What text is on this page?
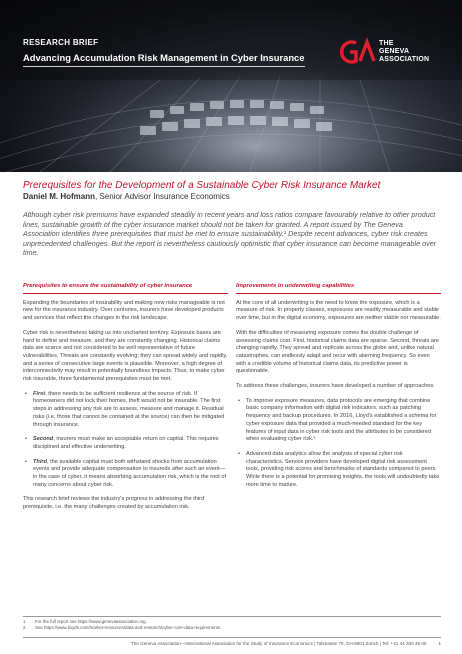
RESEARCH BRIEF
Advancing Accumulation Risk Management in Cyber Insurance
THE
GENEVA
ASSOCIATION
Prerequisites for the Development of a Sustainable Cyber Risk Insurance Market
Daniel M. Hofmann, Senior Advisor Insurance Economics
Although cyber risk premiums have expanded steadily in recent years and loss ratios compare favourably relative to other product lines, sustainable growth of the cyber insurance market should not be taken for granted. A report issued by The Geneva Association identifies three prerequisites that must be met to ensure sustainability.¹ Despite recent advances, cyber risk creates unprecedented challenges. But the report is nevertheless cautiously optimistic that cyber insurance can become manageable over time.
Prerequisites to ensure the sustainability of cyber insurance

Expanding the boundaries of insurability and making new risks manageable is not new for the insurance industry. Over centuries, insurers have developed products and services that reflect the changes in the risk landscape.

Cyber risk is nevertheless taking us into uncharted territory. Exposure bases are hard to define and measure, and they are constantly changing. Historical claims data are scarce and not considered to be well representative of future vulnerabilities. Threats are constantly evolving; they can spread widely and rapidly, and a series of consecutive large events is plausible. Moreover, a high degree of interconnectivity may result in potentially boundless impacts. Thus, to make cyber risk insurable, three fundamental prerequisites must be met.

• First, there needs to be sufficient resilience at the source of risk. If homeowners did not lock their homes, theft would not be insurable. The first steps in addressing any risk are to assess, measure and manage it. Residual risks (i.e. those that cannot be contained at the source) can then be mitigated through insurance.
• Second, insurers must make an acceptable return on capital. This requires disciplined and effective underwriting.
• Third, the available capital must both withstand shocks from accumulation events and provide adequate compensation to insureds after such an event—in the case of cyber, it means absorbing accumulation risk, which is the root of many concerns about cyber risk.

This research brief reviews the industry's progress in addressing the third prerequisite, i.e. the many challenges created by accumulation risk.

Improvements in underwriting capabilities

At the core of all underwriting is the need to know the exposure, which is a measure of risk. In property classes, exposures are readily measurable and stable over time, but in the digital economy, exposures are neither stable nor measurable.

With the difficulties of measuring exposure comes the double challenge of assessing claims cost. First, historical claims data are sparse. Second, threats are changing rapidly. They spread and replicate across the globe and, unlike natural catastrophes, can endlessly adapt and recur with alarming frequency. So even with a credible volume of historical claims data, its predictive power is questionable.

To address these challenges, insurers have developed a number of approaches.

• To improve exposure measures, data protocols are emerging that combine basic company information with digital risk indicators, such as patching frequency and backup procedures. In 2016, Lloyd's established a schema for cyber exposure data that provided a much-needed standard for the key features of input data in cyber risk tools and the attributes to be considered when evaluating cyber risk.²
• Advanced data analytics allow the analysis of special cyber risk characteristics. Service providers have developed digital risk assessment tools, providing risk scores and benchmarks of standards compared to peers. While there is a potential for promising insights, the tools will undoubtedly take more time to mature.
1 For the full report see https://www.genevaassociation.org.
2 See https://www.lloyds.com/market-resources/data-and-research/cyber-core-data-requirements.
The Geneva Association—International Association for the Study of Insurance Economics | Talstrasse 70, CH-8001 Zurich | Tel: +41 44 200 49 00	1
